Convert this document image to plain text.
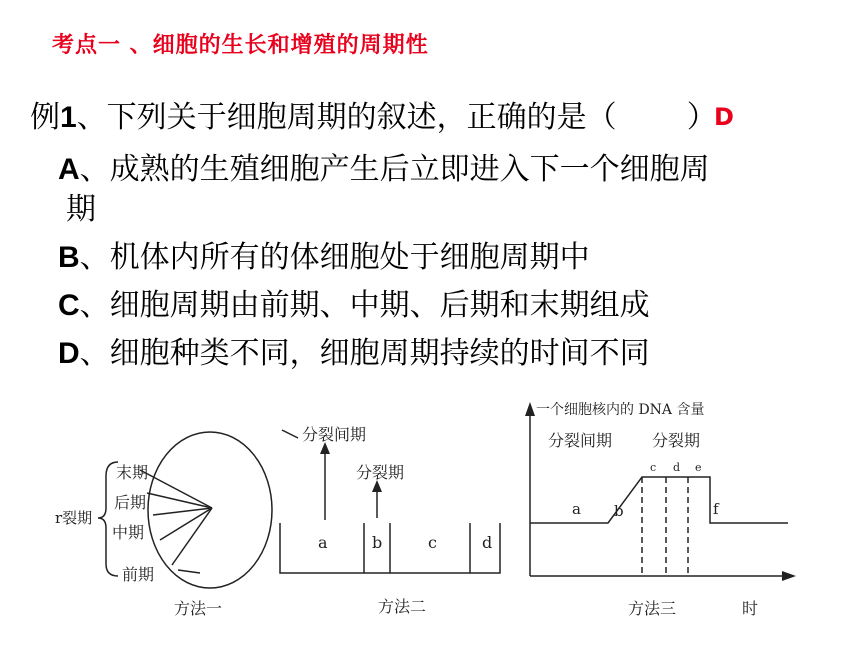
考点一 、细胞的生长和增殖的周期性
例1、下列关于细胞周期的叙述，正确的是（ ）
D
A、成熟的生殖细胞产生后立即进入下一个细胞周
期
B、机体内所有的体细胞处于细胞周期中
C、细胞周期由前期、中期、后期和末期组成
D、细胞种类不同，细胞周期持续的时间不同
r裂期
末期
后期
中期
前期
方法一
分裂间期
分裂期
a	b	c	d
方法二
一个细胞核内的 DNA 含量
分裂间期 分裂期
a b
c d e
f
方法三	时
